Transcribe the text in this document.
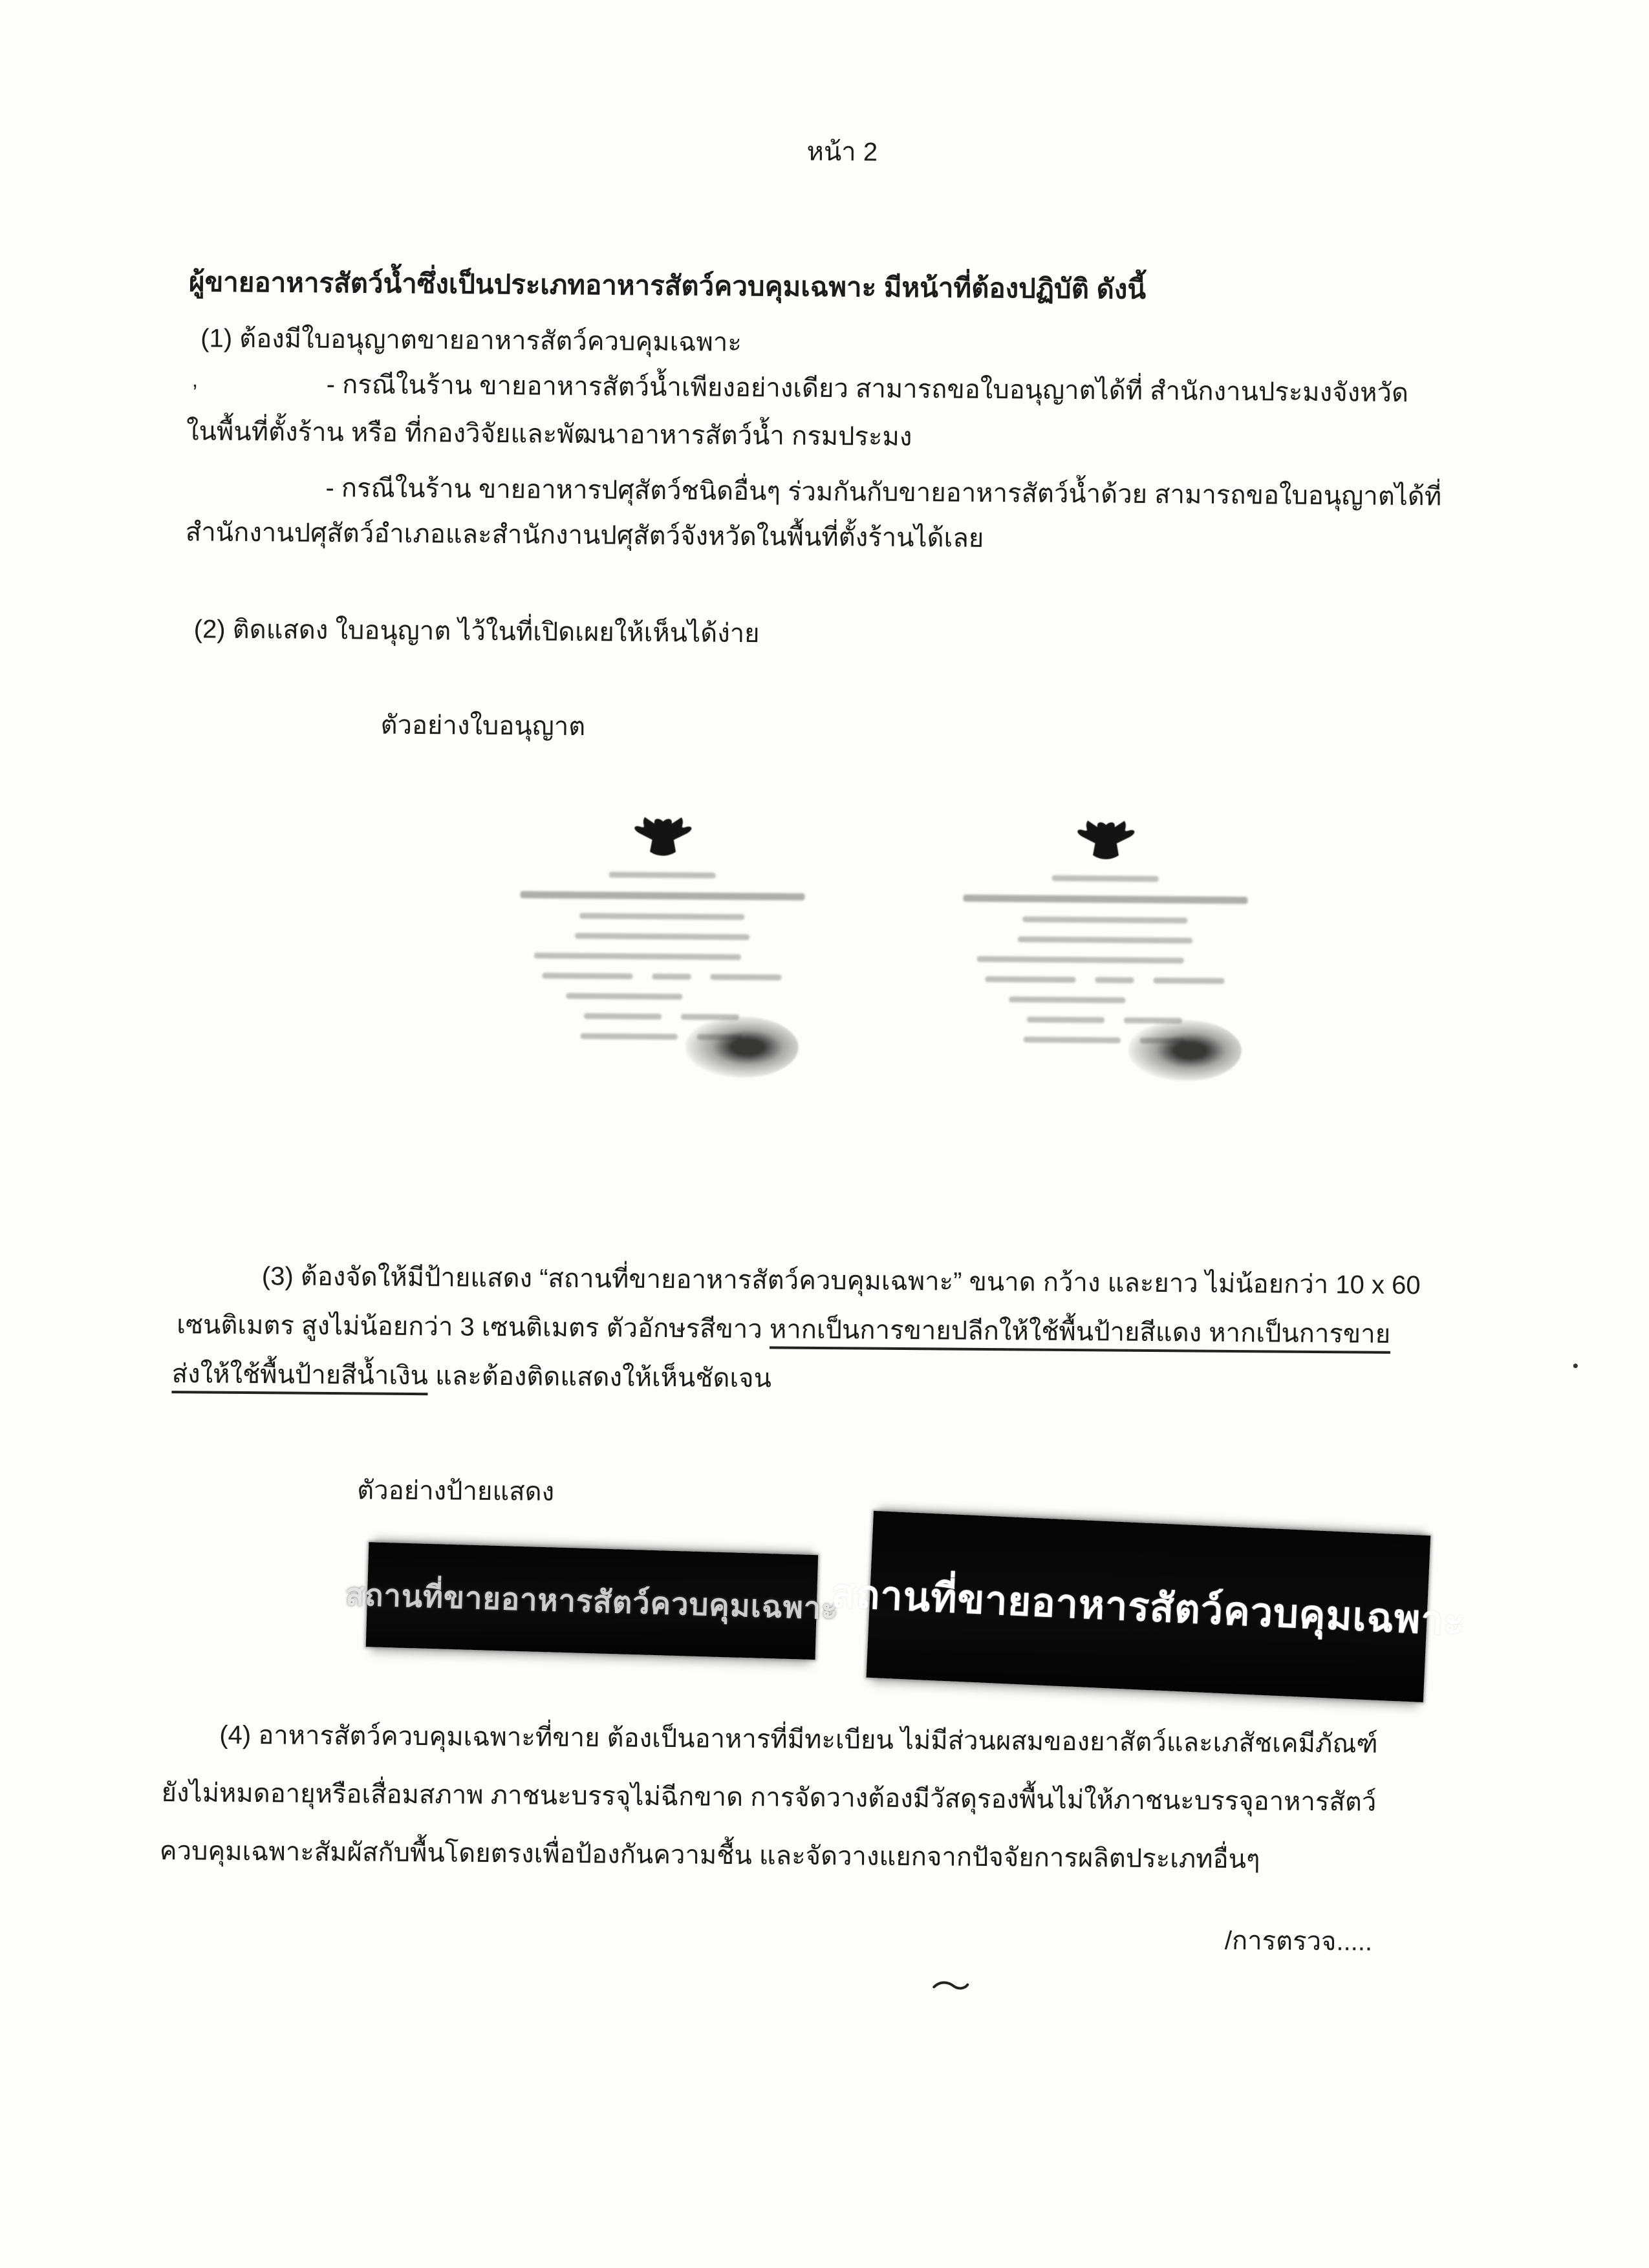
หน้า 2
ผู้ขายอาหารสัตว์น้ำซึ่งเป็นประเภทอาหารสัตว์ควบคุมเฉพาะ มีหน้าที่ต้องปฏิบัติ ดังนี้
(1) ต้องมีใบอนุญาตขายอาหารสัตว์ควบคุมเฉพาะ
- กรณีในร้าน ขายอาหารสัตว์น้ำเพียงอย่างเดียว สามารถขอใบอนุญาตได้ที่ สำนักงานประมงจังหวัด
ในพื้นที่ตั้งร้าน หรือ ที่กองวิจัยและพัฒนาอาหารสัตว์น้ำ กรมประมง
- กรณีในร้าน ขายอาหารปศุสัตว์ชนิดอื่นๆ ร่วมกันกับขายอาหารสัตว์น้ำด้วย สามารถขอใบอนุญาตได้ที่
สำนักงานปศุสัตว์อำเภอและสำนักงานปศุสัตว์จังหวัดในพื้นที่ตั้งร้านได้เลย
’
(2) ติดแสดง ใบอนุญาต ไว้ในที่เปิดเผยให้เห็นได้ง่าย
ตัวอย่างใบอนุญาต
(3) ต้องจัดให้มีป้ายแสดง “สถานที่ขายอาหารสัตว์ควบคุมเฉพาะ” ขนาด กว้าง และยาว ไม่น้อยกว่า 10 x 60
เซนติเมตร สูงไม่น้อยกว่า 3 เซนติเมตร ตัวอักษรสีขาว หากเป็นการขายปลีกให้ใช้พื้นป้ายสีแดง หากเป็นการขาย
ส่งให้ใช้พื้นป้ายสีน้ำเงิน และต้องติดแสดงให้เห็นชัดเจน
ตัวอย่างป้ายแสดง
สถานที่ขายอาหารสัตว์ควบคุมเฉพาะ
สถานที่ขายอาหารสัตว์ควบคุมเฉพาะ
(4) อาหารสัตว์ควบคุมเฉพาะที่ขาย ต้องเป็นอาหารที่มีทะเบียน ไม่มีส่วนผสมของยาสัตว์และเภสัชเคมีภัณฑ์
ยังไม่หมดอายุหรือเสื่อมสภาพ ภาชนะบรรจุไม่ฉีกขาด การจัดวางต้องมีวัสดุรองพื้นไม่ให้ภาชนะบรรจุอาหารสัตว์
ควบคุมเฉพาะสัมผัสกับพื้นโดยตรงเพื่อป้องกันความชื้น และจัดวางแยกจากปัจจัยการผลิตประเภทอื่นๆ
/การตรวจ.....
